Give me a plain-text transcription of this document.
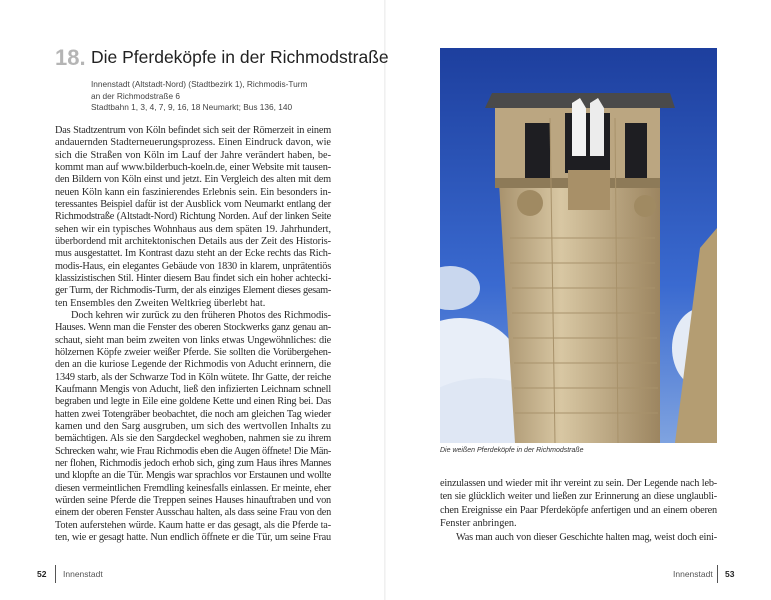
18. Die Pferdeköpfe in der Richmodstraße
Innenstadt (Altstadt-Nord) (Stadtbezirk 1), Richmodis-Turm
an der Richmodstraße 6
Stadtbahn 1, 3, 4, 7, 9, 16, 18 Neumarkt; Bus 136, 140
Das Stadtzentrum von Köln befindet sich seit der Römerzeit in einem
andauernden Stadterneuerungsprozess. Einen Eindruck davon, wie
sich die Straßen von Köln im Lauf der Jahre verändert haben, be-
kommt man auf www.bilderbuch-koeln.de, einer Website mit tausen-
den Bildern von Köln einst und jetzt. Ein Vergleich des alten mit dem
neuen Köln kann ein faszinierendes Erlebnis sein. Ein besonders in-
teressantes Beispiel dafür ist der Ausblick vom Neumarkt entlang der
Richmodstraße (Altstadt-Nord) Richtung Norden. Auf der linken Seite
sehen wir ein typisches Wohnhaus aus dem späten 19. Jahrhundert,
überbordend mit architektonischen Details aus der Zeit des Historis-
mus ausgestattet. Im Kontrast dazu steht an der Ecke rechts das Rich-
modis-Haus, ein elegantes Gebäude von 1830 in klarem, unprätentiös
klassizistischen Stil. Hinter diesem Bau findet sich ein hoher achtecki-
ger Turm, der Richmodis-Turm, der als einziges Element dieses gesam-
ten Ensembles den Zweiten Weltkrieg überlebt hat.
Doch kehren wir zurück zu den früheren Photos des Richmodis-
Hauses. Wenn man die Fenster des oberen Stockwerks ganz genau an-
schaut, sieht man beim zweiten von links etwas Ungewöhnliches: die
hölzernen Köpfe zweier weißer Pferde. Sie sollten die Vorübergehen-
den an die kuriose Legende der Richmodis von Aducht erinnern, die
1349 starb, als der Schwarze Tod in Köln wütete. Ihr Gatte, der reiche
Kaufmann Mengis von Aducht, ließ den infizierten Leichnam schnell
begraben und legte in Eile eine goldene Kette und einen Ring bei. Das
hatten zwei Totengräber beobachtet, die noch am gleichen Tag wieder
kamen und den Sarg ausgruben, um sich des wertvollen Inhalts zu
bemächtigen. Als sie den Sargdeckel weghoben, nahmen sie zu ihrem
Schrecken wahr, wie Frau Richmodis eben die Augen öffnete! Die Män-
ner flohen, Richmodis jedoch erhob sich, ging zum Haus ihres Mannes
und klopfte an die Tür. Mengis war sprachlos vor Erstaunen und wollte
diesen vermeintlichen Fremdling keinesfalls einlassen. Er meinte, eher
würden seine Pferde die Treppen seines Hauses hinauftraben und von
einem der oberen Fenster Ausschau halten, als dass seine Frau von den
Toten auferstehen würde. Kaum hatte er das gesagt, als die Pferde ta-
ten, wie er gesagt hatte. Nun endlich öffnete er die Tür, um seine Frau
52 Innenstadt
Die weißen Pferdeköpfe in der Richmodstraße
einzulassen und wieder mit ihr vereint zu sein. Der Legende nach leb-
ten sie glücklich weiter und ließen zur Erinnerung an diese unglaubli-
chen Ereignisse ein Paar Pferdeköpfe anfertigen und an einem oberen
Fenster anbringen.
Was man auch von dieser Geschichte halten mag, weist doch eini-
Innenstadt 53
